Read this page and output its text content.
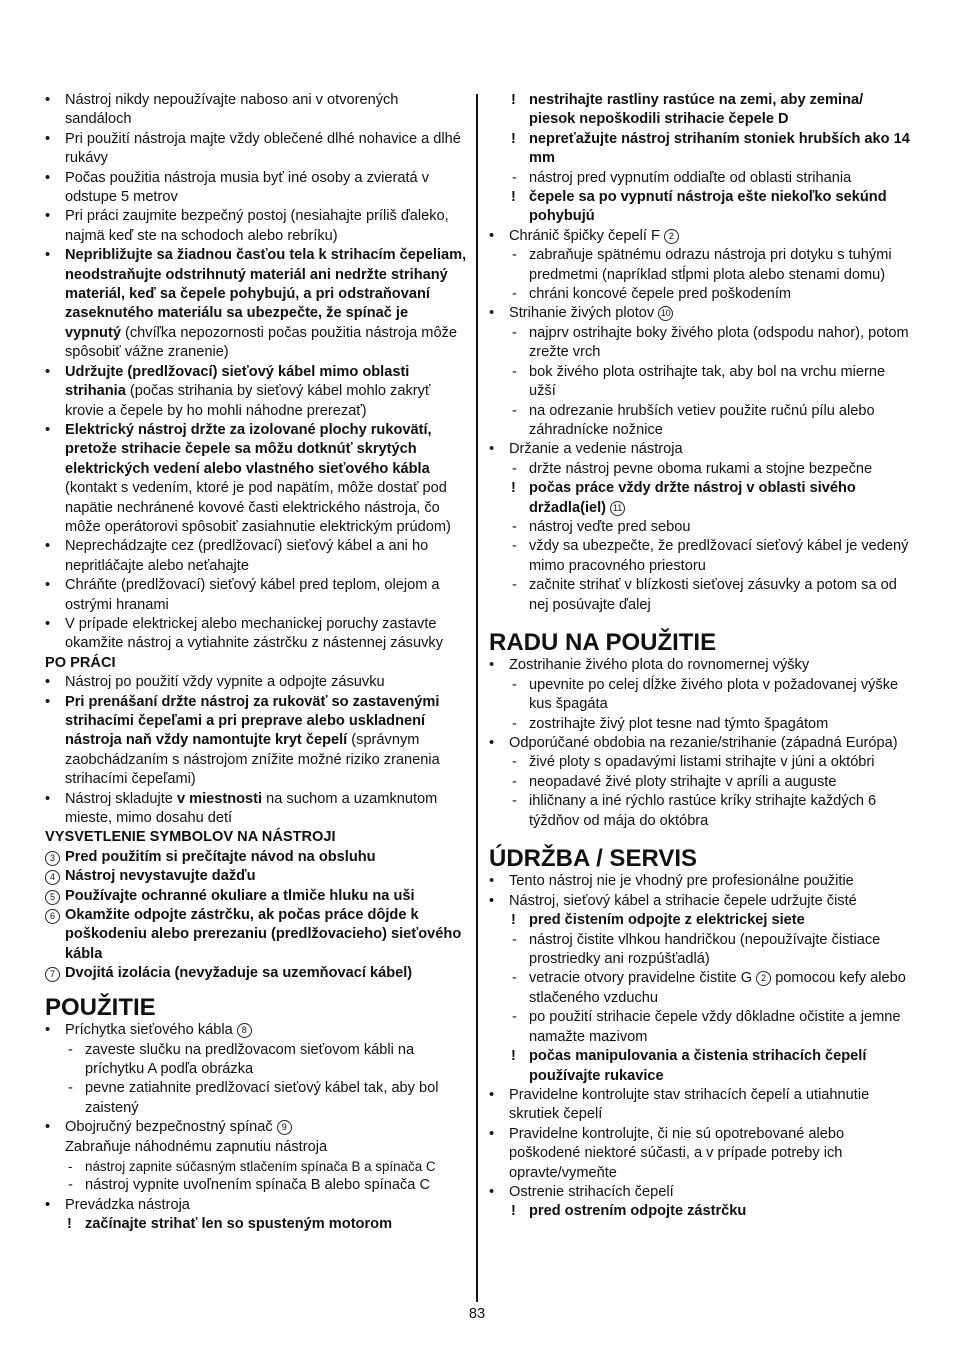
• Nástroj nikdy nepoužívajte naboso ani v otvorených sandáloch
• Pri použití nástroja majte vždy oblečené dlhé nohavice a dlhé rukávy
• Počas použitia nástroja musia byť iné osoby a zvieratá v odstupe 5 metrov
• Pri práci zaujmite bezpečný postoj (nesiahajte príliš ďaleko, najmä keď ste na schodoch alebo rebríku)
• Nepribližujte sa žiadnou časťou tela k strihacím čepeliam, neodstraňujte odstrihnutý materiál ani nedržte strihaný materiál, keď sa čepele pohybujú, a pri odstraňovaní zaseknutého materiálu sa ubezpečte, že spínač je vypnutý (chvíľka nepozornosti počas použitia nástroja môže spôsobiť vážne zranenie)
• Udržujte (predlžovací) sieťový kábel mimo oblasti strihania (počas strihania by sieťový kábel mohlo zakryť krovie a čepele by ho mohli náhodne prerezať)
• Elektrický nástroj držte za izolované plochy rukovätí, pretože strihacie čepele sa môžu dotknúť skrytých elektrických vedení alebo vlastného sieťového kábla (kontakt s vedením, ktoré je pod napätím, môže dostať pod napätie nechránené kovové časti elektrického nástroja, čo môže operátorovi spôsobiť zasiahnutie elektrickým prúdom)
• Neprechádzajte cez (predlžovací) sieťový kábel a ani ho nepritláčajte alebo neťahajte
• Chráňte (predlžovací) sieťový kábel pred teplom, olejom a ostrými hranami
• V prípade elektrickej alebo mechanickej poruchy zastavte okamžite nástroj a vytiahnite zástrčku z nástennej zásuvky
PO PRÁCI
• Nástroj po použití vždy vypnite a odpojte zásuvku
• Pri prenášaní držte nástroj za rukoväť so zastavenými strihacími čepeľami a pri preprave alebo uskladnení nástroja naň vždy namontujte kryt čepelí (správnym zaobchádzaním s nástrojom znížite možné riziko zranenia strihacími čepeľami)
• Nástroj skladujte v miestnosti na suchom a uzamknutom mieste, mimo dosahu detí
VYSVETLENIE SYMBOLOV NA NÁSTROJI
3 Pred použitím si prečítajte návod na obsluhu
4 Nástroj nevystavujte dažďu
5 Používajte ochranné okuliare a tlmiče hluku na uši
6 Okamžite odpojte zástrčku, ak počas práce dôjde k poškodeniu alebo prerezaniu (predlžovacieho) sieťového kábla
7 Dvojitá izolácia (nevyžaduje sa uzemňovací kábel)
POUŽITIE
• Príchytka sieťového kábla 8
- zaveste slučku na predlžovacom sieťovom kábli na príchytku A podľa obrázka
- pevne zatiahnite predlžovací sieťový kábel tak, aby bol zaistený
• Obojručný bezpečnostný spínač 9
Zabraňuje náhodnému zapnutiu nástroja
- nástroj zapnite súčasným stlačením spínača B a spínača C
- nástroj vypnite uvoľnením spínača B alebo spínača C
• Prevádzka nástroja
! začínajte strihať len so spusteným motorom
! nestrihajte rastliny rastúce na zemi, aby zemina/ piesok nepoškodili strihacie čepele D
! nepreťažujte nástroj strihaním stoniek hrubších ako 14 mm
- nástroj pred vypnutím oddiaľte od oblasti strihania
! čepele sa po vypnutí nástroja ešte niekoľko sekúnd pohybujú
• Chránič špičky čepelí F 2
- zabraňuje spätnému odrazu nástroja pri dotyku s tuhými predmetmi (napríklad stĺpmi plota alebo stenami domu)
- chráni koncové čepele pred poškodením
• Strihanie živých plotov 10
- najprv ostrihajte boky živého plota (odspodu nahor), potom zrežte vrch
- bok živého plota ostrihajte tak, aby bol na vrchu mierne užší
- na odrezanie hrubších vetiev použite ručnú pílu alebo záhradnícke nožnice
• Držanie a vedenie nástroja
- držte nástroj pevne oboma rukami a stojne bezpečne
! počas práce vždy držte nástroj v oblasti sivého držadla(iel) 11
- nástroj veďte pred sebou
- vždy sa ubezpečte, že predlžovací sieťový kábel je vedený mimo pracovného priestoru
- začnite strihať v blízkosti sieťovej zásuvky a potom sa od nej posúvajte ďalej
RADU NA POUŽITIE
• Zostrihanie živého plota do rovnomernej výšky
- upevnite po celej dĺžke živého plota v požadovanej výške kus špagáta
- zostrihajte živý plot tesne nad týmto špagátom
• Odporúčané obdobia na rezanie/strihanie (západná Európa)
- živé ploty s opadavými listami strihajte v júni a októbri
- neopadavé živé ploty strihajte v apríli a auguste
- ihličnany a iné rýchlo rastúce kríky strihajte každých 6 týždňov od mája do októbra
ÚDRŽBA / SERVIS
• Tento nástroj nie je vhodný pre profesionálne použitie
• Nástroj, sieťový kábel a strihacie čepele udržujte čisté
! pred čistením odpojte z elektrickej siete
- nástroj čistite vlhkou handričkou (nepoužívajte čistiace prostriedky ani rozpúšťadlá)
- vetracie otvory pravidelne čistite G 2 pomocou kefy alebo stlačeného vzduchu
- po použití strihacie čepele vždy dôkladne očistite a jemne namažte mazivom
! počas manipulovania a čistenia strihacích čepelí používajte rukavice
• Pravidelne kontrolujte stav strihacích čepelí a utiahnutie skrutiek čepelí
• Pravidelne kontrolujte, či nie sú opotrebované alebo poškodené niektoré súčasti, a v prípade potreby ich opravte/vymeňte
• Ostrenie strihacích čepelí
! pred ostrením odpojte zástrčku
83
